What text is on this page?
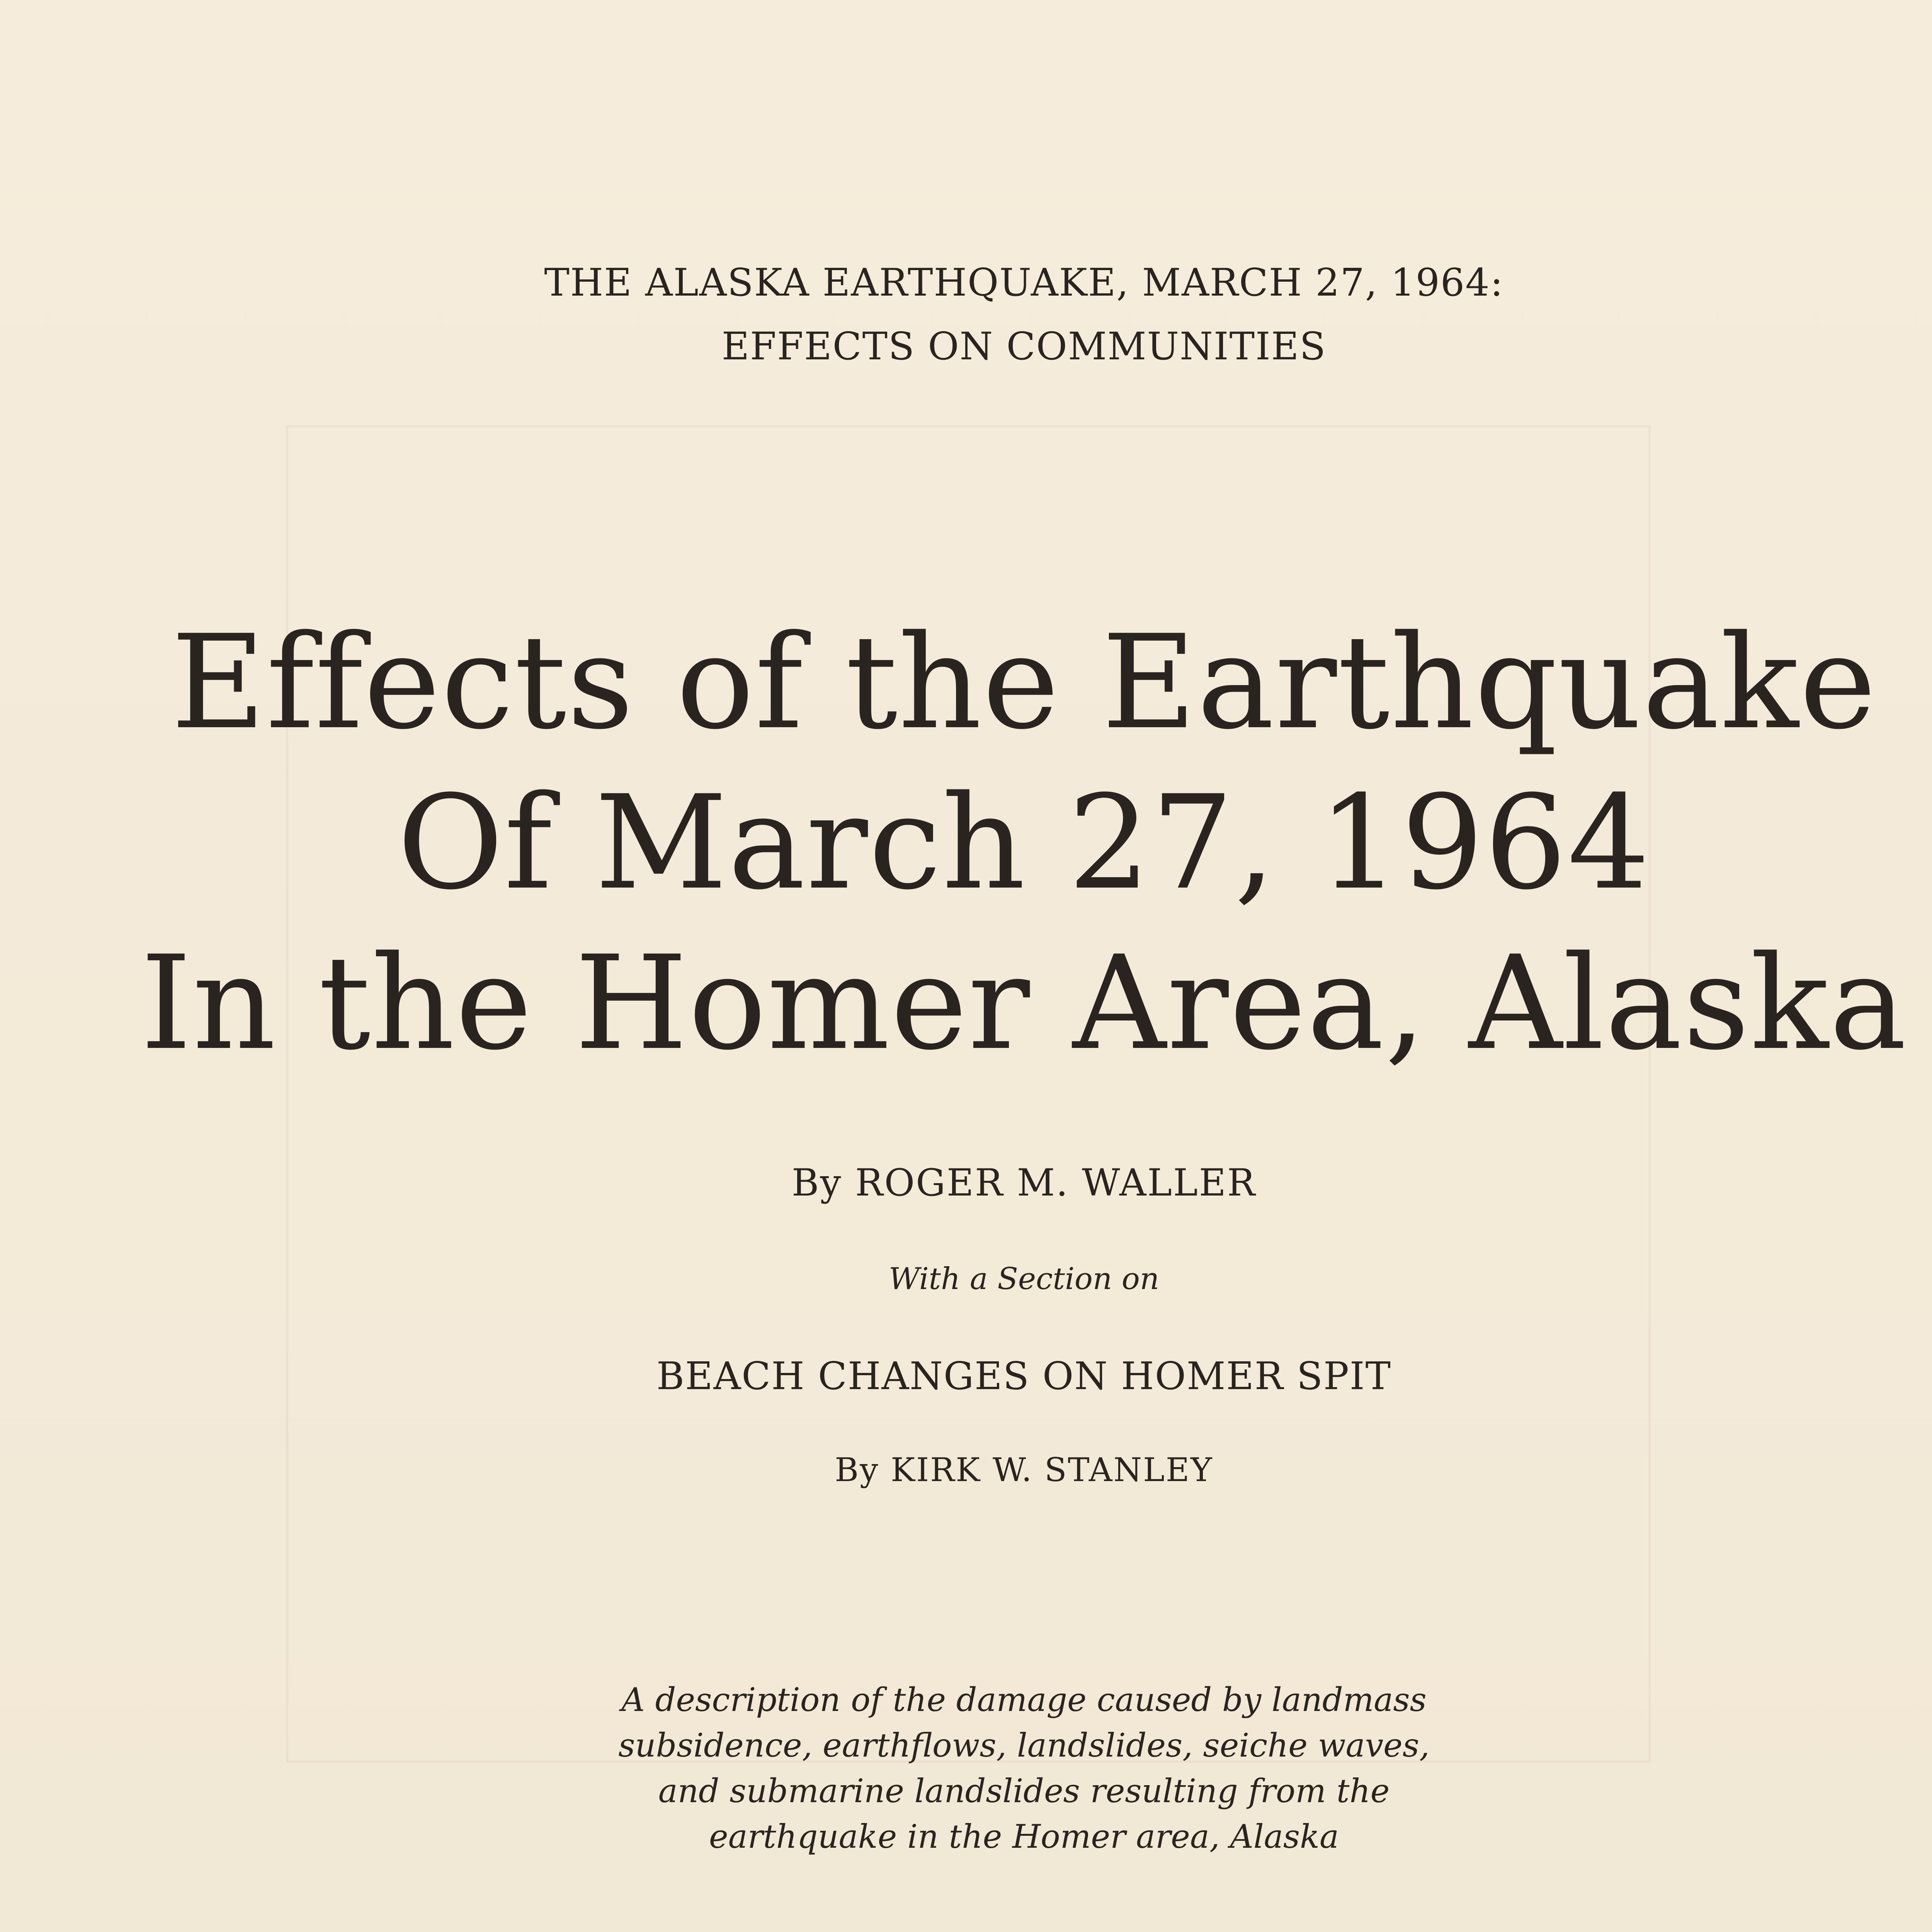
THE ALASKA EARTHQUAKE, MARCH 27, 1964:
EFFECTS ON COMMUNITIES
Effects of the Earthquake
Of March 27, 1964
In the Homer Area, Alaska
By ROGER M. WALLER
With a Section on
BEACH CHANGES ON HOMER SPIT
By KIRK W. STANLEY
A description of the damage caused by landmass
subsidence, earthflows, landslides, seiche waves,
and submarine landslides resulting from the
earthquake in the Homer area, Alaska
